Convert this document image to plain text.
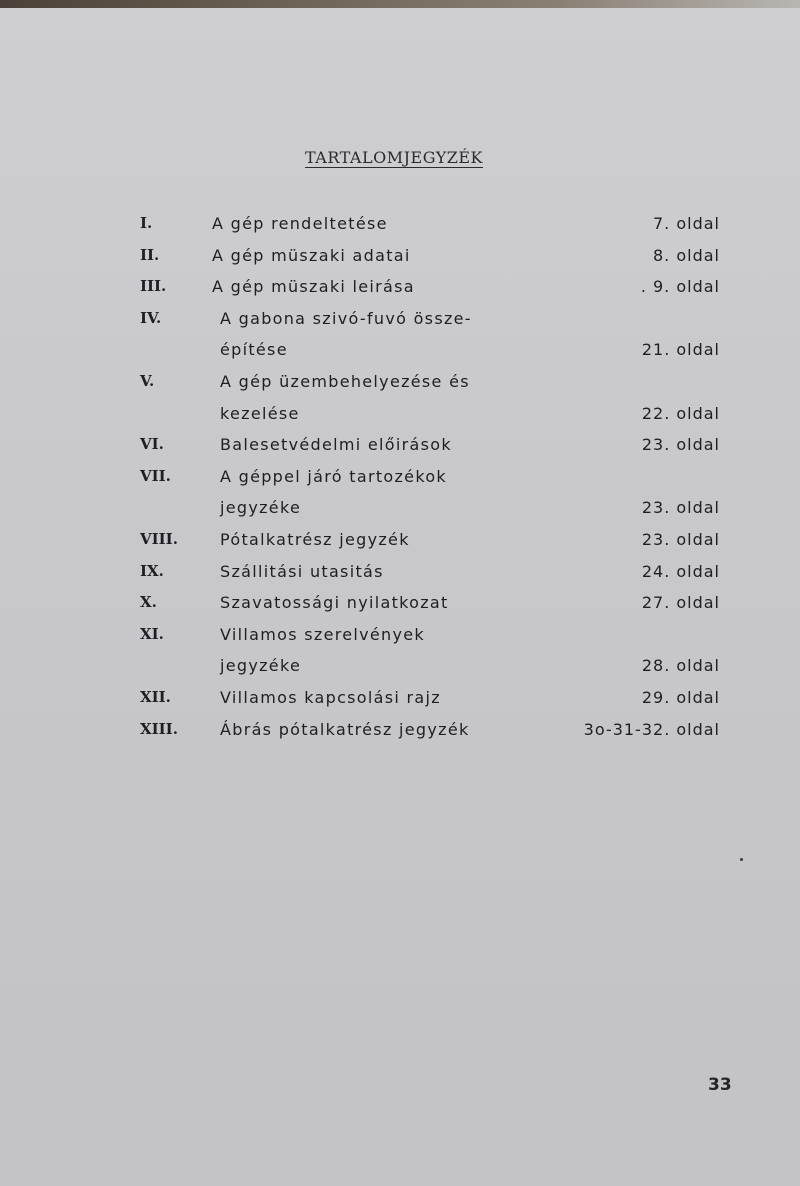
TARTALOMJEGYZÉK
I.	A gép rendeltetése	7. oldal
II.	A gép müszaki adatai	8. oldal
III.	A gép müszaki leirása	. 9. oldal
IV.	A gabona szivó-fuvó össze-
építése	21. oldal
V.	A gép üzembehelyezése és
kezelése	22. oldal
VI.	Balesetvédelmi előirások	23. oldal
VII.	A géppel járó tartozékok
jegyzéke	23. oldal
VIII.	Pótalkatrész jegyzék	23. oldal
IX.	Szállitási utasitás	24. oldal
X.	Szavatossági nyilatkozat	27. oldal
XI.	Villamos szerelvények
jegyzéke	28. oldal
XII.	Villamos kapcsolási rajz	29. oldal
XIII.	Ábrás pótalkatrész jegyzék	3o-31-32. oldal
33
